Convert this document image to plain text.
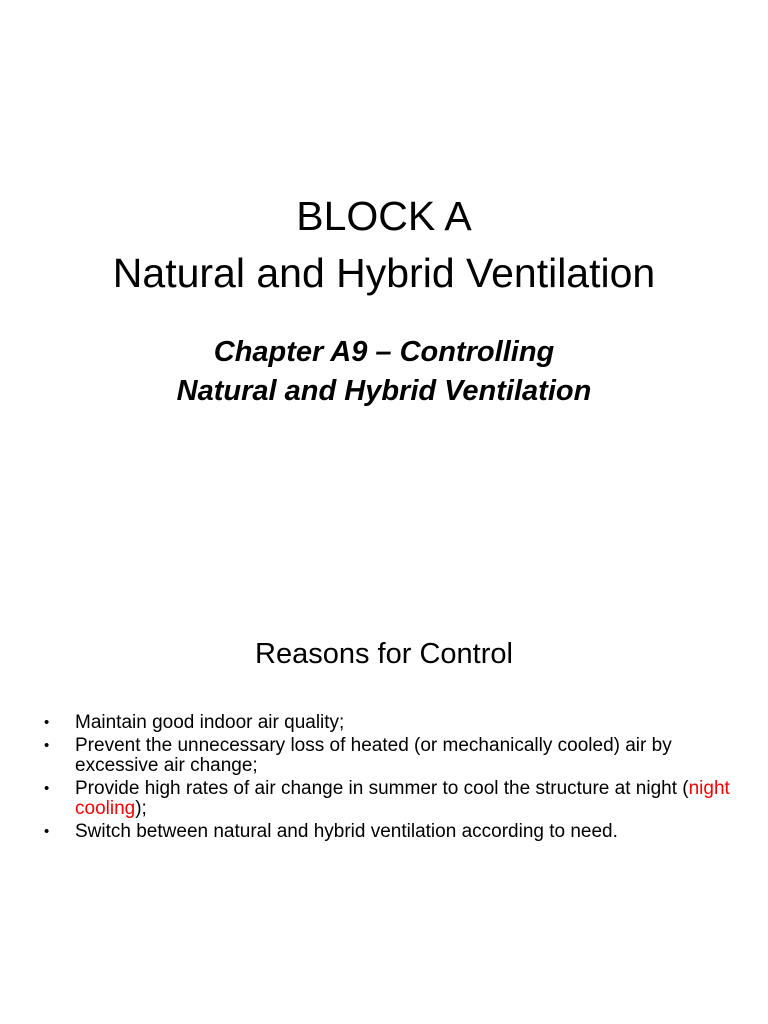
BLOCK A
Natural and Hybrid Ventilation
Chapter A9 – Controlling
Natural and Hybrid Ventilation
Reasons for Control
•	Maintain good indoor air quality;
•	Prevent the unnecessary loss of heated (or mechanically cooled) air by excessive air change;
•	Provide high rates of air change in summer to cool the structure at night (night cooling);
•	Switch between natural and hybrid ventilation according to need.
